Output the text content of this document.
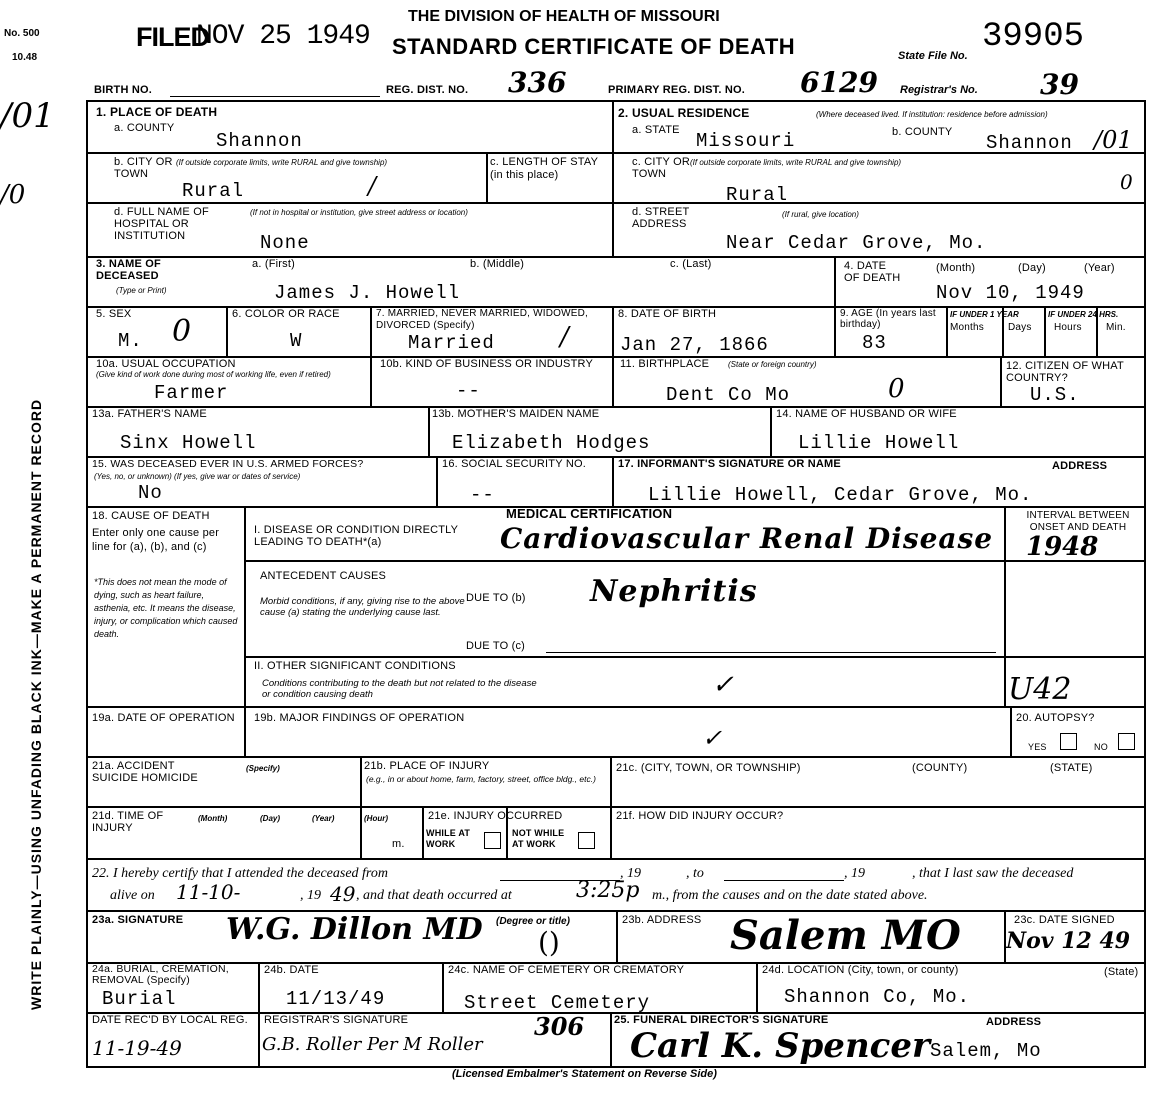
No. 500
10.48
/01
/0
FILED
NOV 25 1949
THE DIVISION OF HEALTH OF MISSOURI
STANDARD CERTIFICATE OF DEATH	State File No. 39905
BIRTH NO.	REG. DIST. NO. 336	PRIMARY REG. DIST. NO. 6129 Registrar's No. 39
WRITE PLAINLY—USING UNFADING BLACK INK—MAKE A PERMANENT RECORD
1. PLACE OF DEATH
a. COUNTY
Shannon
b. CITY OR TOWN
(If outside corporate limits, write RURAL and give township)
Rural	/
c. LENGTH OF STAY (in this place)
d. FULL NAME OF HOSPITAL OR INSTITUTION
(If not in hospital or institution, give street address or location)
None
2. USUAL RESIDENCE	(Where deceased lived. If institution: residence before admission)
a. STATE Missouri	b. COUNTY Shannon /01
c. CITY OR TOWN
(If outside corporate limits, write RURAL and give township)
Rural
0
d. STREET ADDRESS
(If rural, give location)
Near Cedar Grove, Mo.
3. NAME OF DECEASED
(Type or Print)
a. (First)	b. (Middle)	c. (Last)
James J. Howell
4. DATE OF DEATH
(Month)	(Day)	(Year)
Nov 10, 1949
5. SEX
M. 0	6. COLOR OR RACE
W
7. MARRIED, NEVER MARRIED, WIDOWED, DIVORCED (Specify)
Married	/
8. DATE OF BIRTH
Jan 27, 1866
9. AGE (In years last birthday)
83
IF UNDER 1 YEAR
Months Days
IF UNDER 24 HRS.
Hours Min.
10a. USUAL OCCUPATION
(Give kind of work done during most of working life, even if retired)
Farmer
10b. KIND OF BUSINESS OR INDUSTRY
--
11. BIRTHPLACE (State or foreign country)
Dent Co Mo	0
12. CITIZEN OF WHAT COUNTRY?
U.S.
13a. FATHER'S NAME
Sinx Howell
13b. MOTHER'S MAIDEN NAME
Elizabeth Hodges
14. NAME OF HUSBAND OR WIFE
Lillie Howell
15. WAS DECEASED EVER IN U.S. ARMED FORCES?
(Yes, no, or unknown) (If yes, give war or dates of service)
No
16. SOCIAL SECURITY NO.
--
17. INFORMANT'S SIGNATURE OR NAME	ADDRESS
Lillie Howell, Cedar Grove, Mo.
MEDICAL CERTIFICATION
18. CAUSE OF DEATH
Enter only one cause per line for (a), (b), and (c)
*This does not mean the mode of dying, such as heart failure, asthenia, etc. It means the disease, injury, or complication which caused death.
I. DISEASE OR CONDITION DIRECTLY LEADING TO DEATH*(a)	Cardiovascular Renal Disease
INTERVAL BETWEEN ONSET AND DEATH
1948
ANTECEDENT CAUSES
Morbid conditions, if any, giving rise to the above cause (a) stating the underlying cause last.
DUE TO (b) Nephritis
DUE TO (c)
II. OTHER SIGNIFICANT CONDITIONS
Conditions contributing to the death but not related to the disease or condition causing death	✓	U42
19a. DATE OF OPERATION	19b. MAJOR FINDINGS OF OPERATION
✓
20. AUTOPSY?
YES	NO
21a. ACCIDENT SUICIDE HOMICIDE
(Specify)	21b. PLACE OF INJURY
(e.g., in or about home, farm, factory, street, office bldg., etc.)
21c. (CITY, TOWN, OR TOWNSHIP)	(COUNTY)	(STATE)
21d. TIME OF INJURY
(Month)	(Day)	(Year)	(Hour)
m.
21e. INJURY OCCURRED
WHILE AT WORK
NOT WHILE AT WORK
21f. HOW DID INJURY OCCUR?
22. I hereby certify that I attended the deceased from	, 19	, to	, 19	, that I last saw the deceased
alive on 11-10-	, 19 49 , and that death occurred at	3:25p m., from the causes and on the date stated above.
23a. SIGNATURE W.G. Dillon MD (Degree or title)
()
23b. ADDRESS Salem MO	23c. DATE SIGNED
Nov 12 49
24a. BURIAL, CREMATION, REMOVAL (Specify)
Burial
24b. DATE
11/13/49
24c. NAME OF CEMETERY OR CREMATORY
Street Cemetery
24d. LOCATION (City, town, or county)	(State)
Shannon Co, Mo.
DATE REC'D BY LOCAL REG.
11-19-49
REGISTRAR'S SIGNATURE
G.B. Roller Per M Roller
306	25. FUNERAL DIRECTOR'S SIGNATURE	ADDRESS
Carl K. Spencer Salem, Mo
(Licensed Embalmer's Statement on Reverse Side)
